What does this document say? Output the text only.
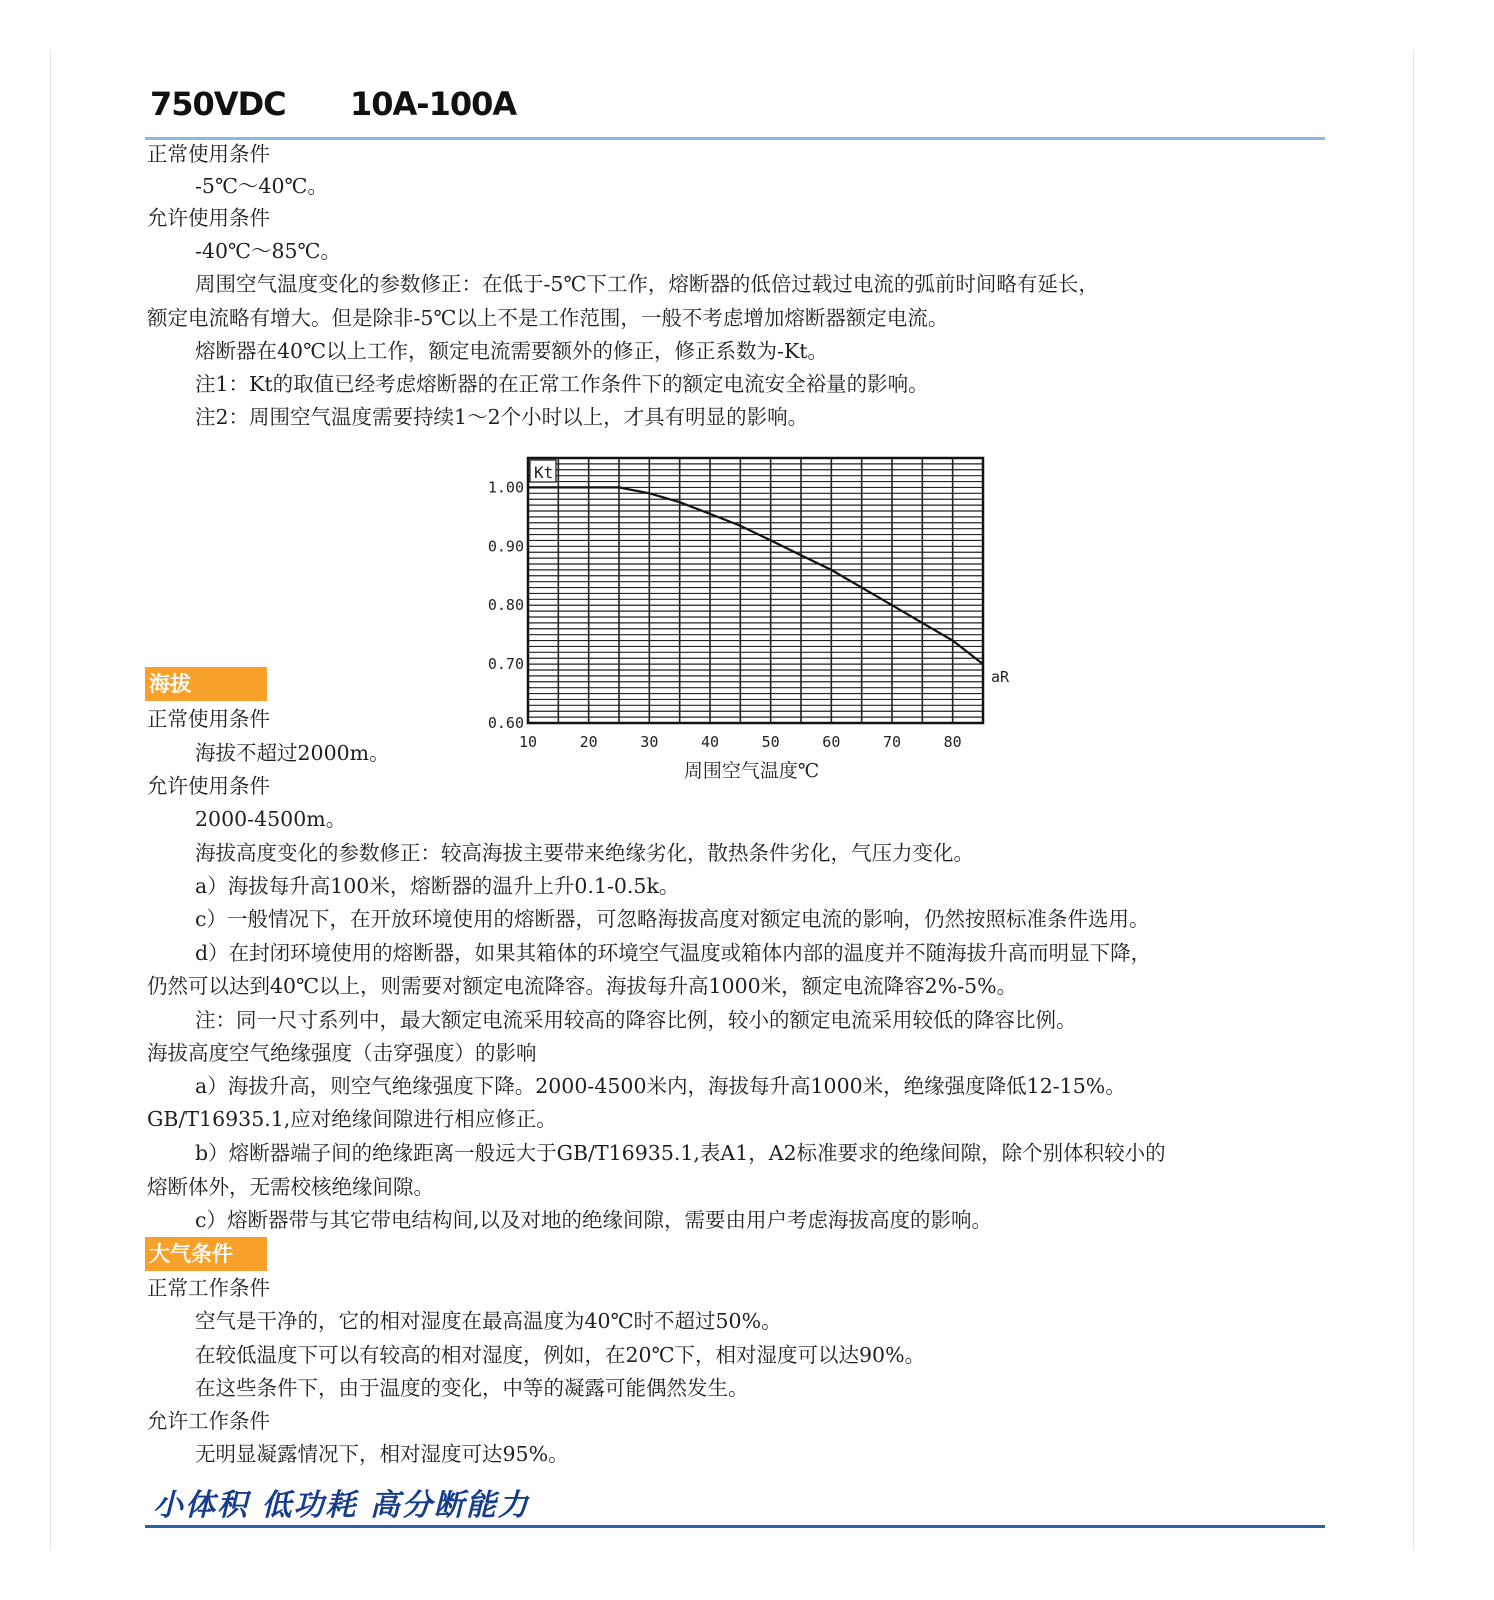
750VDC 10A-100A
正常使用条件
-5℃～40℃。
允许使用条件
-40℃～85℃。
周围空气温度变化的参数修正：在低于-5℃下工作，熔断器的低倍过载过电流的弧前时间略有延长，
额定电流略有增大。但是除非-5℃以上不是工作范围，一般不考虑增加熔断器额定电流。
熔断器在40℃以上工作，额定电流需要额外的修正，修正系数为-Kt。
注1：Kt的取值已经考虑熔断器的在正常工作条件下的额定电流安全裕量的影响。
注2：周围空气温度需要持续1～2个小时以上，才具有明显的影响。
Kt
0.60
0.70
0.80
0.90
1.00
10	20	30	40	50	60	70	80
aR
周围空气温度℃
海拔
正常使用条件
海拔不超过2000m。
允许使用条件
2000-4500m。
海拔高度变化的参数修正：较高海拔主要带来绝缘劣化，散热条件劣化，气压力变化。
a）海拔每升高100米，熔断器的温升上升0.1-0.5k。
c）一般情况下，在开放环境使用的熔断器，可忽略海拔高度对额定电流的影响，仍然按照标准条件选用。
d）在封闭环境使用的熔断器，如果其箱体的环境空气温度或箱体内部的温度并不随海拔升高而明显下降，
仍然可以达到40℃以上，则需要对额定电流降容。海拔每升高1000米，额定电流降容2%-5%。
注：同一尺寸系列中，最大额定电流采用较高的降容比例，较小的额定电流采用较低的降容比例。
海拔高度空气绝缘强度（击穿强度）的影响
a）海拔升高，则空气绝缘强度下降。2000-4500米内，海拔每升高1000米，绝缘强度降低12-15%。
GB/T16935.1,应对绝缘间隙进行相应修正。
b）熔断器端子间的绝缘距离一般远大于GB/T16935.1,表A1，A2标准要求的绝缘间隙，除个别体积较小的
熔断体外，无需校核绝缘间隙。
c）熔断器带与其它带电结构间,以及对地的绝缘间隙，需要由用户考虑海拔高度的影响。
大气条件
正常工作条件
空气是干净的，它的相对湿度在最高温度为40℃时不超过50%。
在较低温度下可以有较高的相对湿度，例如，在20℃下，相对湿度可以达90%。
在这些条件下，由于温度的变化，中等的凝露可能偶然发生。
允许工作条件
无明显凝露情况下，相对湿度可达95%。
小体积 低功耗 高分断能力
